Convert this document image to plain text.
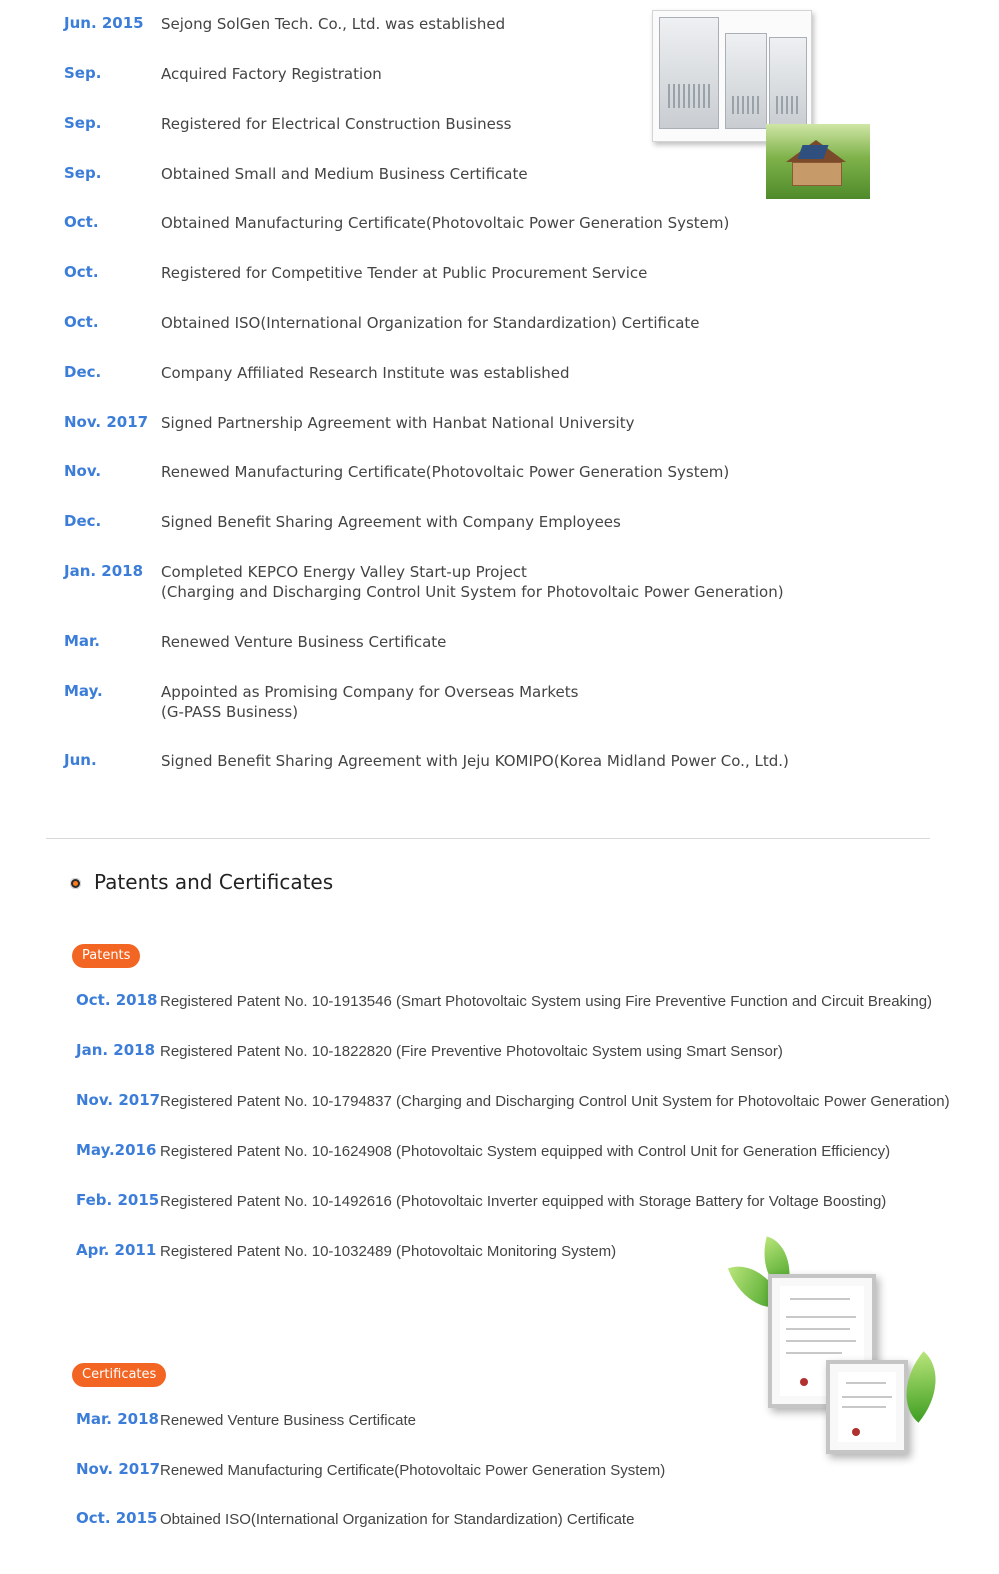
Jun. 2015 Sejong SolGen Tech. Co., Ltd. was established
Sep.	Acquired Factory Registration
Sep.	Registered for Electrical Construction Business
Sep.	Obtained Small and Medium Business Certificate
Oct.	Obtained Manufacturing Certificate(Photovoltaic Power Generation System)
Oct.	Registered for Competitive Tender at Public Procurement Service
Oct.	Obtained ISO(International Organization for Standardization) Certificate
Dec.	Company Affiliated Research Institute was established
Nov. 2017 Signed Partnership Agreement with Hanbat National University
Nov.	Renewed Manufacturing Certificate(Photovoltaic Power Generation System)
Dec.	Signed Benefit Sharing Agreement with Company Employees
Jan. 2018 Completed KEPCO Energy Valley Start-up Project
(Charging and Discharging Control Unit System for Photovoltaic Power Generation)
Mar.	Renewed Venture Business Certificate
May.	Appointed as Promising Company for Overseas Markets
(G-PASS Business)
Jun.	Signed Benefit Sharing Agreement with Jeju KOMIPO(Korea Midland Power Co., Ltd.)
Patents and Certificates
Patents
Oct. 2018 Registered Patent No. 10-1913546 (Smart Photovoltaic System using Fire Preventive Function and Circuit Breaking)
Jan. 2018 Registered Patent No. 10-1822820 (Fire Preventive Photovoltaic System using Smart Sensor)
Nov. 2017 Registered Patent No. 10-1794837 (Charging and Discharging Control Unit System for Photovoltaic Power Generation)
May.2016 Registered Patent No. 10-1624908 (Photovoltaic System equipped with Control Unit for Generation Efficiency)
Feb. 2015 Registered Patent No. 10-1492616 (Photovoltaic Inverter equipped with Storage Battery for Voltage Boosting)
Apr. 2011 Registered Patent No. 10-1032489 (Photovoltaic Monitoring System)
Certificates
Mar. 2018 Renewed Venture Business Certificate
Nov. 2017 Renewed Manufacturing Certificate(Photovoltaic Power Generation System)
Oct. 2015 Obtained ISO(International Organization for Standardization) Certificate
